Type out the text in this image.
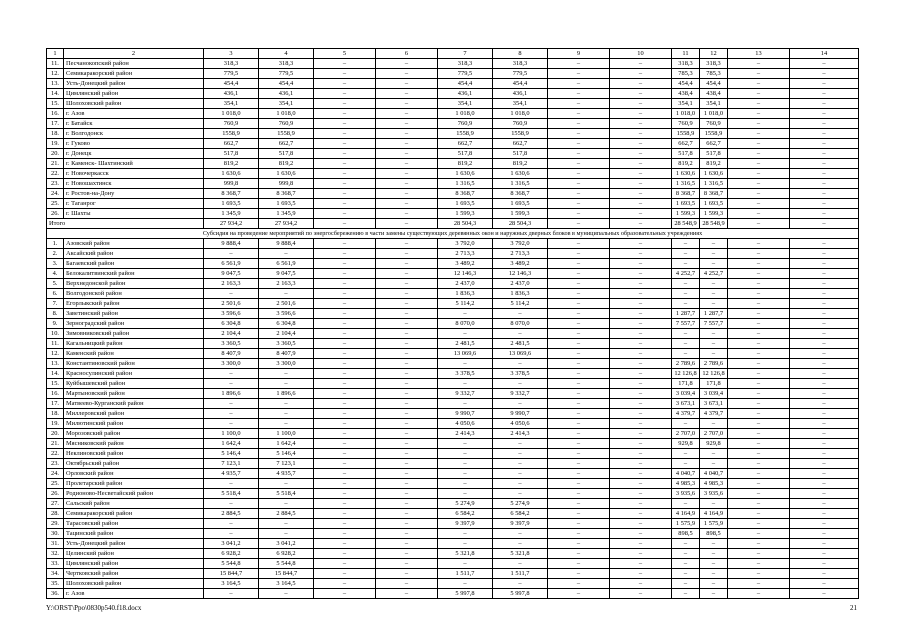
1	2	3	4	5	6	7	8	9	10	11	12	13	14
11.	Песчанокопский район	318,3	318,3	–	–	318,3	318,3	–	–	318,3	318,3	–	–
12.	Семикаракорский район	779,5	779,5	–	–	779,5	779,5	–	–	785,3	785,3	–	–
13.	Усть-Донецкий район	454,4	454,4	–	–	454,4	454,4	–	–	454,4	454,4	–	–
14.	Цимлянский район	436,1	436,1	–	–	436,1	436,1	–	–	438,4	438,4	–	–
15.	Шолоховский район	354,1	354,1	–	–	354,1	354,1	–	–	354,1	354,1	–	–
16.	г. Азов	1 018,0	1 018,0	–	–	1 018,0	1 018,0	–	–	1 018,0	1 018,0	–	–
17.	г. Батайск	760,9	760,9	–	–	760,9	760,9	–	–	760,9	760,9	–	–
18.	г. Волгодонск	1558,9	1558,9	–	–	1558,9	1558,9	–	–	1558,9	1558,9	–	–
19.	г. Гуково	662,7	662,7	–	–	662,7	662,7	–	–	662,7	662,7	–	–
20.	г. Донецк	517,8	517,8	–	–	517,8	517,8	–	–	517,8	517,8	–	–
21.	г. Каменск- Шахтинский	819,2	819,2	–	–	819,2	819,2	–	–	819,2	819,2	–	–
22.	г. Новочеркасск	1 630,6	1 630,6	–	–	1 630,6	1 630,6	–	–	1 630,6	1 630,6	–	–
23.	г. Новошахтинск	999,8	999,8	–	–	1 316,5	1 316,5	–	–	1 316,5	1 316,5	–	–
24.	г. Ростов-на-Дону	8 368,7	8 368,7	–	–	8 368,7	8 368,7	–	–	8 368,7	8 368,7	–	–
25.	г. Таганрог	1 693,5	1 693,5	–	–	1 693,5	1 693,5	–	–	1 693,5	1 693,5	–	–
26.	г. Шахты	1 345,9	1 345,9	–	–	1 599,3	1 599,3	–	–	1 599,3	1 599,3	–	–
Итого		27 934,2	27 934,2	–	–	28 504,3	28 504,3	–	–	28 548,9	28 548,9	–	–
Субсидия на проведение мероприятий по энергосбережению в части замены существующих деревянных окон и наружных дверных блоков в муниципальных образовательных учреждениях													
1.	Азовский район	9 888,4	9 888,4	–	–	3 792,0	3 792,0	–	–	–	–	–	–
2.	Аксайский район	–	–	–	–	2 713,3	2 713,3	–	–	–	–	–	–
3.	Багаевский район	6 561,9	6 561,9	–	–	3 489,2	3 489,2	–	–	–	–	–	–
4.	Белокалитвинский район	9 047,5	9 047,5	–	–	12 146,3	12 146,3	–	–	4 252,7	4 252,7	–	–
5.	Верхнедонской район	2 163,3	2 163,3	–	–	2 437,0	2 437,0	–	–	–	–	–	–
6.	Волгодонской район	–	–	–	–	1 836,3	1 836,3	–	–	–	–	–	–
7.	Егорлыкский район	2 501,6	2 501,6	–	–	5 114,2	5 114,2	–	–	–	–	–	–
8.	Заветинский район	3 596,6	3 596,6	–	–	–	–	–	–	1 287,7	1 287,7	–	–
9.	Зерноградский район	6 304,8	6 304,8	–	–	8 070,0	8 070,0	–	–	7 557,7	7 557,7	–	–
10.	Зимовниковский район	2 104,4	2 104,4	–	–	–	–	–	–	–	–	–	–
11.	Кагальницкий район	3 360,5	3 360,5	–	–	2 481,5	2 481,5	–	–	–	–	–	–
12.	Каменский район	8 407,9	8 407,9	–	–	13 069,6	13 069,6	–	–	–	–	–	–
13.	Константиновский район	3 300,0	3 300,0	–	–	–	–	–	–	2 789,6	2 789,6	–	–
14.	Красносулинский район	–	–	–	–	3 378,5	3 378,5	–	–	12 126,8	12 126,8	–	–
15.	Куйбышевский район	–	–	–	–	–	–	–	–	171,8	171,8	–	–
16.	Мартыновский район	1 896,6	1 896,6	–	–	9 332,7	9 332,7	–	–	3 039,4	3 039,4	–	–
17.	Матвеево-Курганский район	–	–	–	–	–	–	–	–	3 673,1	3 673,1	–	–
18.	Миллеровский район	–	–	–	–	9 990,7	9 990,7	–	–	4 379,7	4 379,7	–	–
19.	Милютинский район	–	–	–	–	4 050,6	4 050,6	–	–	–	–	–	–
20.	Морозовский район	1 100,0	1 100,0	–	–	2 414,3	2 414,3	–	–	2 707,0	2 707,0	–	–
21.	Мясниковский район	1 642,4	1 642,4	–	–	–	–	–	–	929,8	929,8	–	–
22.	Неклиновский район	5 146,4	5 146,4	–	–	–	–	–	–	–	–	–	–
23.	Октябрьский район	7 123,1	7 123,1	–	–	–	–	–	–	–	–	–	–
24.	Орловский район	4 935,7	4 935,7	–	–	–	–	–	–	4 040,7	4 040,7	–	–
25.	Пролетарский район	–	–	–	–	–	–	–	–	4 985,3	4 985,3	–	–
26.	Родионово-Несветайский район	5 518,4	5 518,4	–	–	–	–	–	–	3 935,6	3 935,6	–	–
27.	Сальский район	–	–	–	–	5 274,9	5 274,9	–	–	–	–	–	–
28.	Семикаракорский район	2 884,5	2 884,5	–	–	6 584,2	6 584,2	–	–	4 164,9	4 164,9	–	–
29.	Тарасовский район	–	–	–	–	9 397,9	9 397,9	–	–	1 575,9	1 575,9	–	–
30.	Тацинский район	–	–	–	–	–	–	–	–	898,5	898,5	–	–
31.	Усть-Донецкий район	3 041,2	3 041,2	–	–	–	–	–	–	–	–	–	–
32.	Целинский район	6 928,2	6 928,2	–	–	5 321,8	5 321,8	–	–	–	–	–	–
33.	Цимлянский район	5 544,8	5 544,8	–	–	–	–	–	–	–	–	–	–
34.	Чертковский район	15 844,7	15 844,7	–	–	1 511,7	1 511,7	–	–	–	–	–	–
35.	Шолоховский район	3 164,5	3 164,5	–	–	–	–	–	–	–	–	–	–
36.	г. Азов	–	–	–	–	5 997,8	5 997,8	–	–	–	–	–	–
Y:\ORST\Ppo\0830p540.f18.docx	21
